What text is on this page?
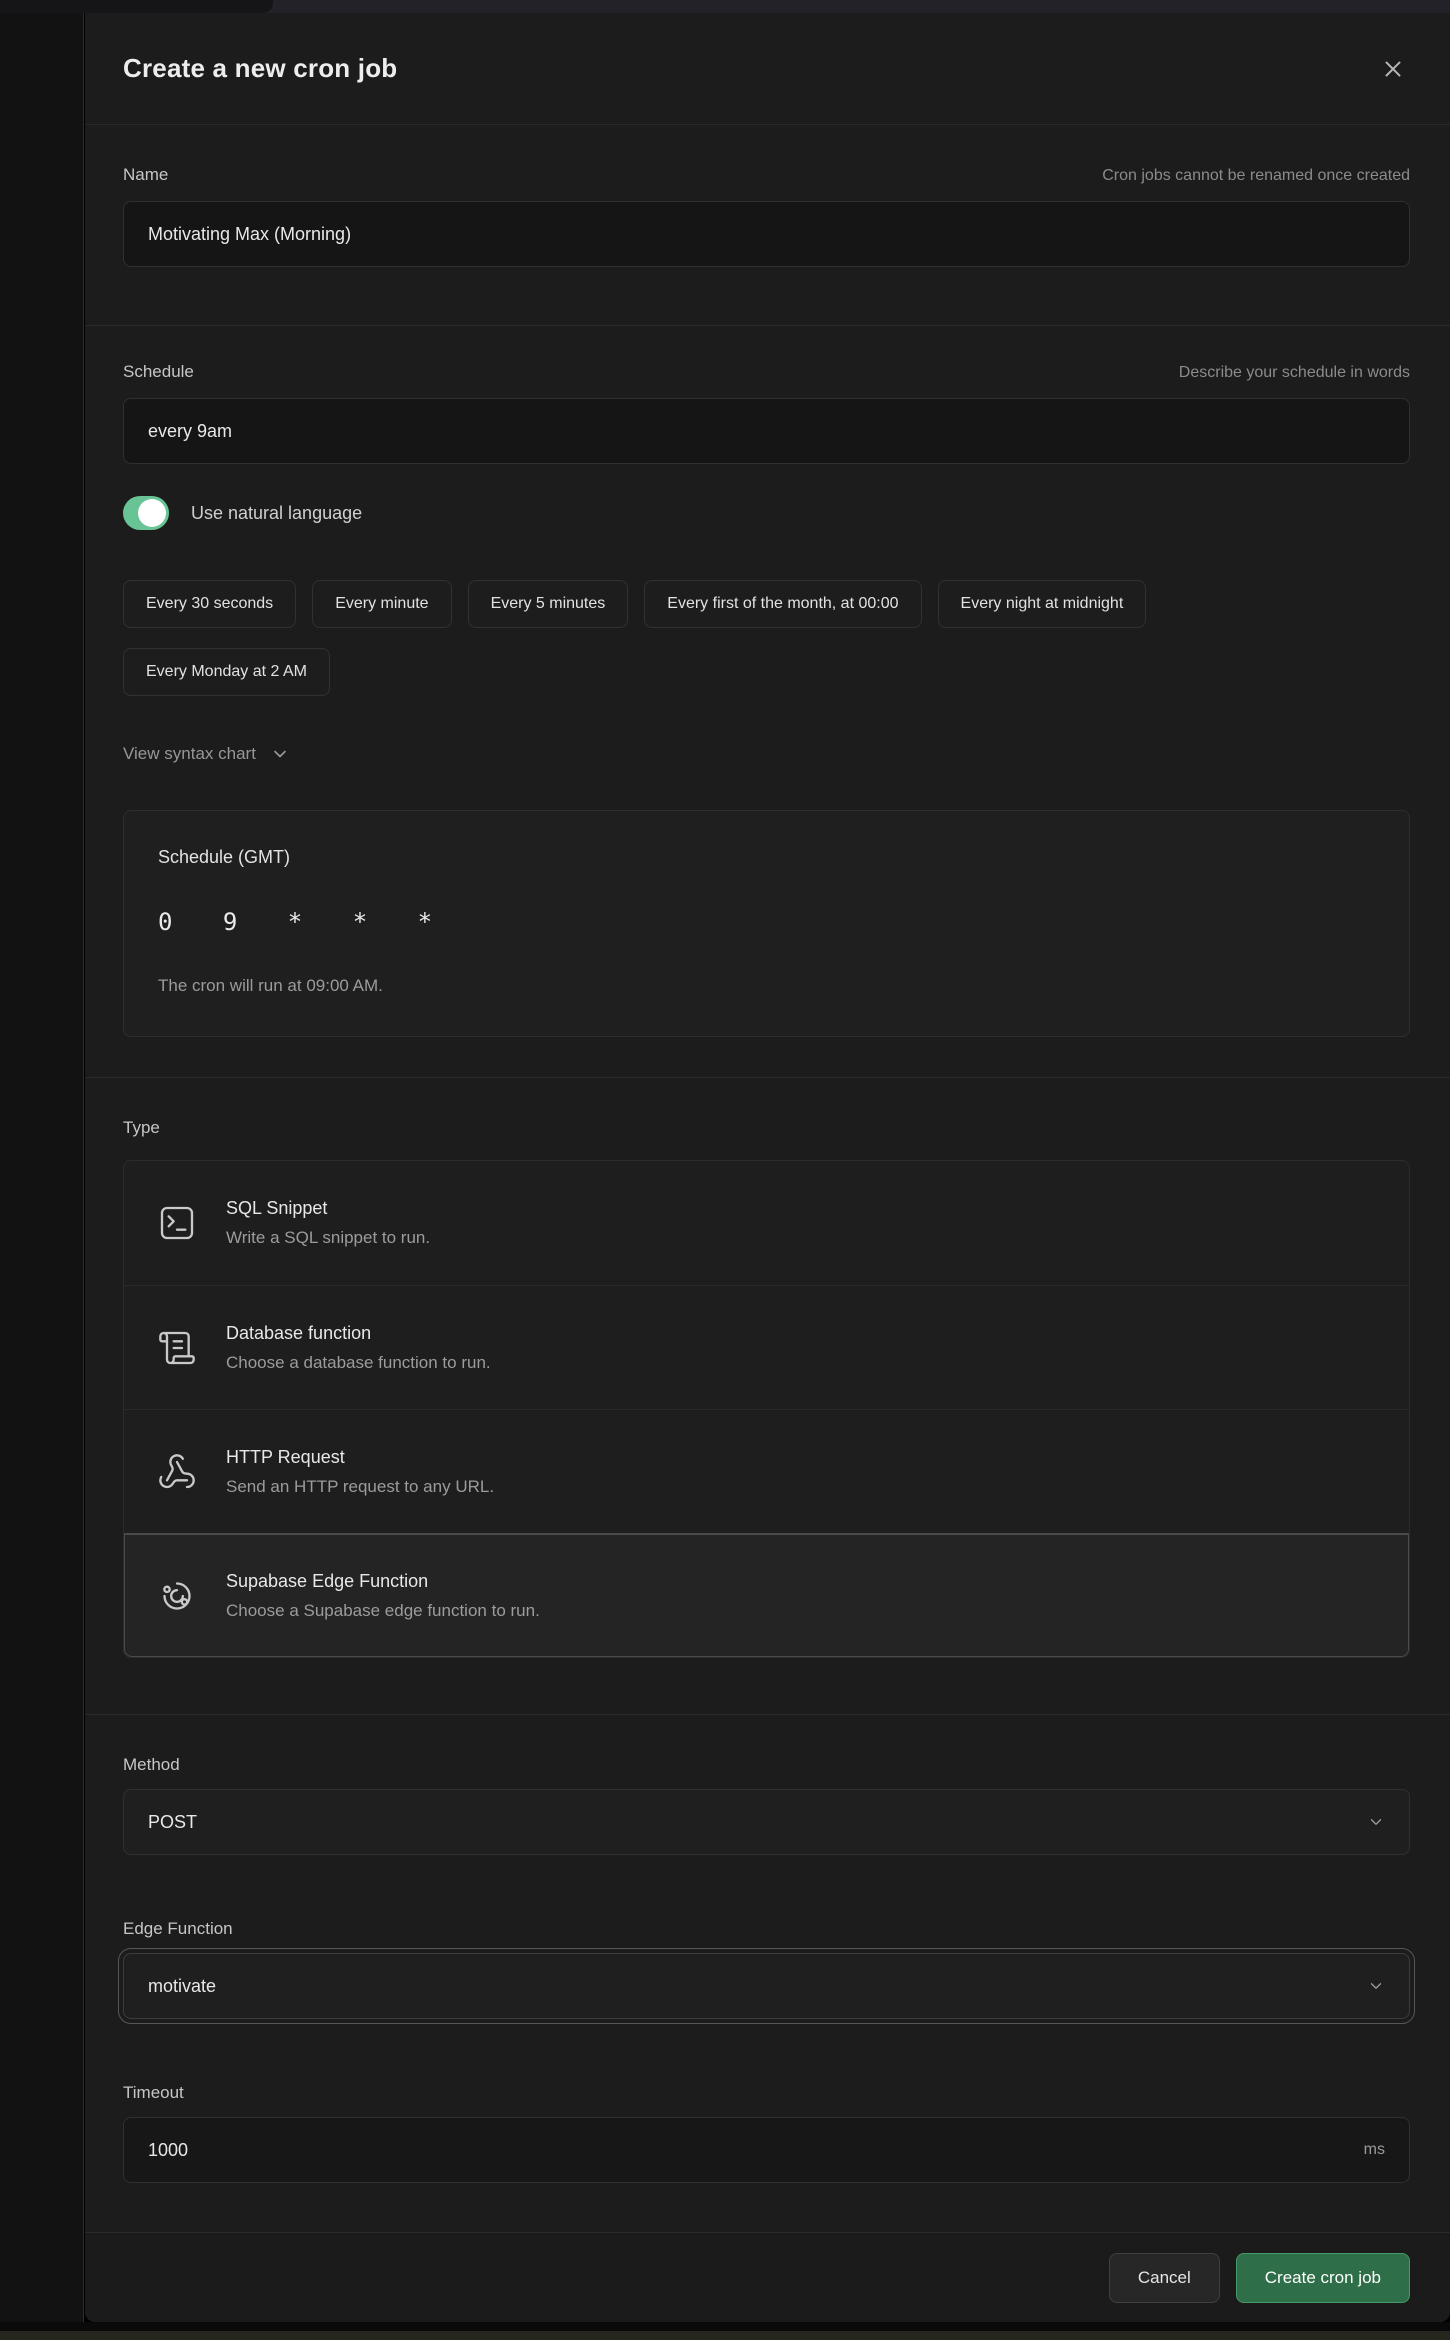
Create a new cron job
Name	Cron jobs cannot be renamed once created
Motivating Max (Morning)
Schedule	Describe your schedule in words
every 9am
Use natural language
Every 30 seconds	Every minute	Every 5 minutes	Every first of the month, at 00:00	Every night at midnight
Every Monday at 2 AM
View syntax chart
Schedule (GMT)
0 9 * * *
The cron will run at 09:00 AM.
Type
SQL Snippet
Write a SQL snippet to run.
Database function
Choose a database function to run.
HTTP Request
Send an HTTP request to any URL.
Supabase Edge Function
Choose a Supabase edge function to run.
Method
POST
Edge Function
motivate
Timeout
1000	ms
Cancel	Create cron job
